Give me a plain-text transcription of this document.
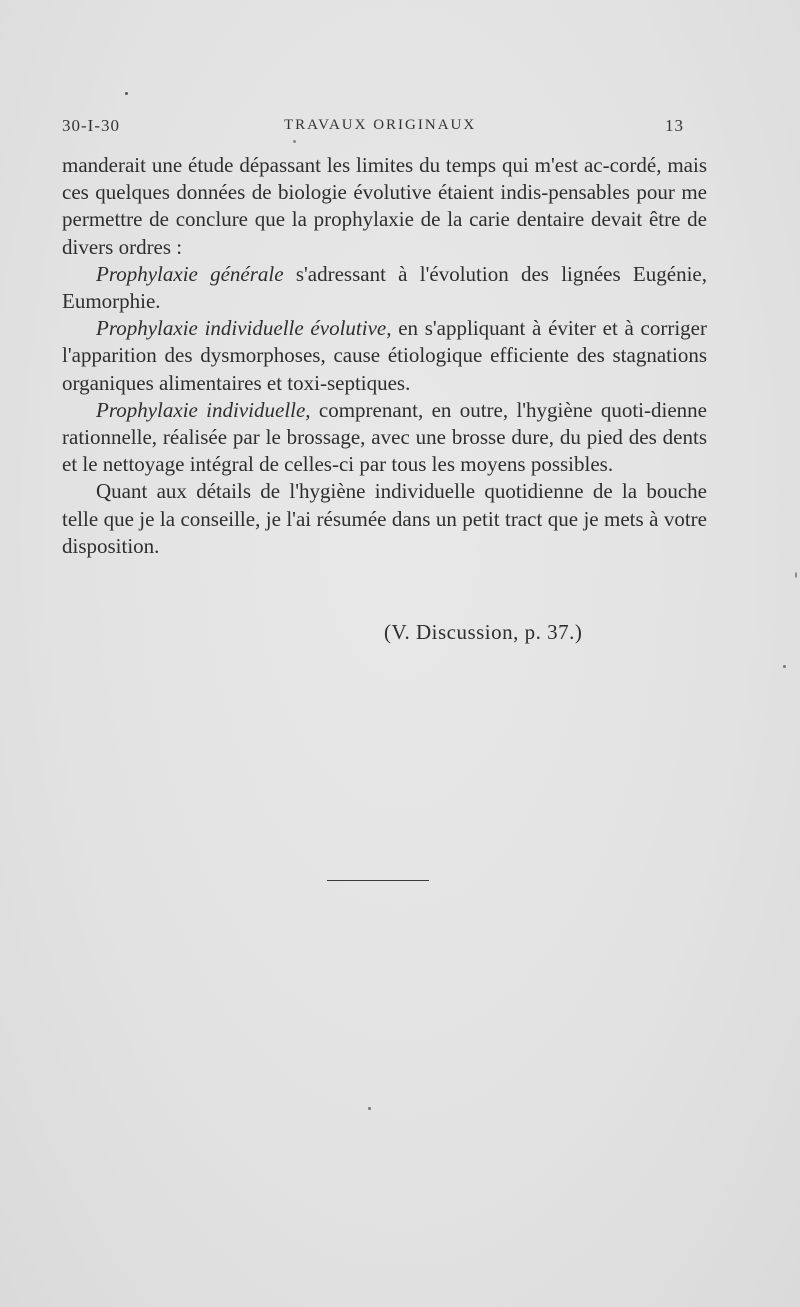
30-I-30	TRAVAUX ORIGINAUX	13

manderait une étude dépassant les limites du temps qui m'est ac-cordé, mais ces quelques données de biologie évolutive étaient indis-pensables pour me permettre de conclure que la prophylaxie de la carie dentaire devait être de divers ordres :

Prophylaxie générale s'adressant à l'évolution des lignées Eugénie, Eumorphie.

Prophylaxie individuelle évolutive, en s'appliquant à éviter et à corriger l'apparition des dysmorphoses, cause étiologique efficiente des stagnations organiques alimentaires et toxi-septiques.

Prophylaxie individuelle, comprenant, en outre, l'hygiène quoti-dienne rationnelle, réalisée par le brossage, avec une brosse dure, du pied des dents et le nettoyage intégral de celles-ci par tous les moyens possibles.

Quant aux détails de l'hygiène individuelle quotidienne de la bouche telle que je la conseille, je l'ai résumée dans un petit tract que je mets à votre disposition.

(V. Discussion, p. 37.)
